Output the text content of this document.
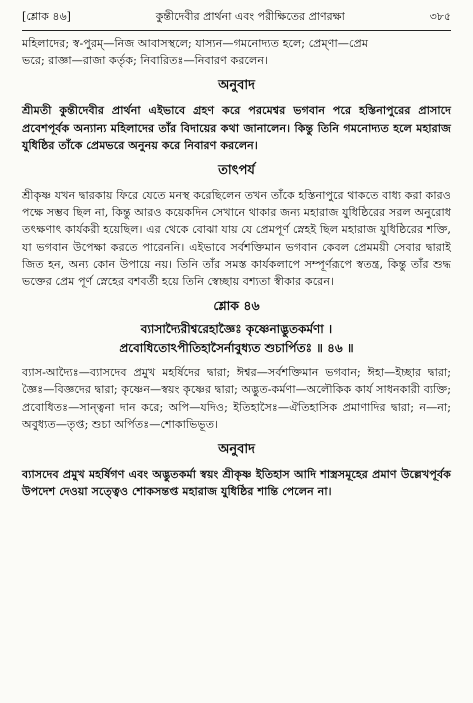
[শ্লোক ৪৬]	কুন্তীদেবীর প্রার্থনা এবং পরীক্ষিতের প্রাণরক্ষা	৩৮৫

মহিলাদের; স্ব-পুরম্—নিজ আবাসস্থলে; যাস্যন—গমনোদ্যত হলে; প্রেম্ণা—প্রেম

ভরে; রাজ্ঞা—রাজা কর্তৃক; নিবারিতঃ—নিবারণ করলেন।

অনুবাদ

শ্রীমতী কুন্তীদেবীর প্রার্থনা এইভাবে গ্রহণ করে পরমেশ্বর ভগবান পরে হস্তিনাপুরের প্রাসাদে প্রবেশপূর্বক অন্যান্য মহিলাদের তাঁর বিদায়ের কথা জানালেন। কিন্তু তিনি গমনোদ্যত হলে মহারাজ যুধিষ্ঠির তাঁকে প্রেমভরে অনুনয় করে নিবারণ করলেন।

তাৎপর্য

শ্রীকৃষ্ণ যখন দ্বারকায় ফিরে যেতে মনস্থ করেছিলেন তখন তাঁকে হস্তিনাপুরে থাকতে বাধ্য করা কারও পক্ষে সম্ভব ছিল না, কিন্তু আরও কয়েকদিন সেখানে থাকার জন্য মহারাজ যুধিষ্ঠিরের সরল অনুরোধ তৎক্ষণাৎ কার্যকরী হয়েছিল। এর থেকে বোঝা যায় যে প্রেমপূর্ণ স্নেহই ছিল মহারাজ যুধিষ্ঠিরের শক্তি, যা ভগবান উপেক্ষা করতে পারেননি। এইভাবে সর্বশক্তিমান ভগবান কেবল প্রেমময়ী সেবার দ্বারাই জিত হন, অন্য কোন উপায়ে নয়। তিনি তাঁর সমস্ত কার্যকলাপে সম্পূর্ণরূপে স্বতন্ত্র, কিন্তু তাঁর শুদ্ধ ভক্তের প্রেম পূর্ণ স্নেহের বশবর্তী হয়ে তিনি স্বেচ্ছায় বশ্যতা স্বীকার করেন।

শ্লোক ৪৬
ব্যাসাদ্যৈরীশ্বরেহাজ্ঞৈঃ কৃষ্ণেনাদ্ভুতকর্মণা ।
প্রবোধিতোঽপীতিহাসৈর্নাবুধ্যত শুচার্পিতঃ ॥ ৪৬ ॥

ব্যাস-আদ্যৈঃ—ব্যাসদেব প্রমুখ মহর্ষিদের দ্বারা; ঈশ্বর—সর্বশক্তিমান ভগবান; ঈহা—ইচ্ছার দ্বারা; জ্ঞৈঃ—বিজ্ঞদের দ্বারা; কৃষ্ণেন—স্বয়ং কৃষ্ণের দ্বারা; অদ্ভুত-কর্মণা—অলৌকিক কার্য সাধনকারী ব্যক্তি; প্রবোধিতঃ—সান্ত্বনা দান করে; অপি—যদিও; ইতিহাসৈঃ—ঐতিহাসিক প্রমাণাদির দ্বারা; ন—না; অবুধ্যত—তৃপ্ত; শুচা অর্পিতঃ—শোকাভিভূত।

অনুবাদ

ব্যাসদেব প্রমুখ মহর্ষিগণ এবং অদ্ভুতকর্মা স্বয়ং শ্রীকৃষ্ণ ইতিহাস আদি শাস্ত্রসমূহের প্রমাণ উল্লেখপূর্বক উপদেশ দেওয়া সত্ত্বেও শোকসন্তপ্ত মহারাজ যুধিষ্ঠির শান্তি পেলেন না।
